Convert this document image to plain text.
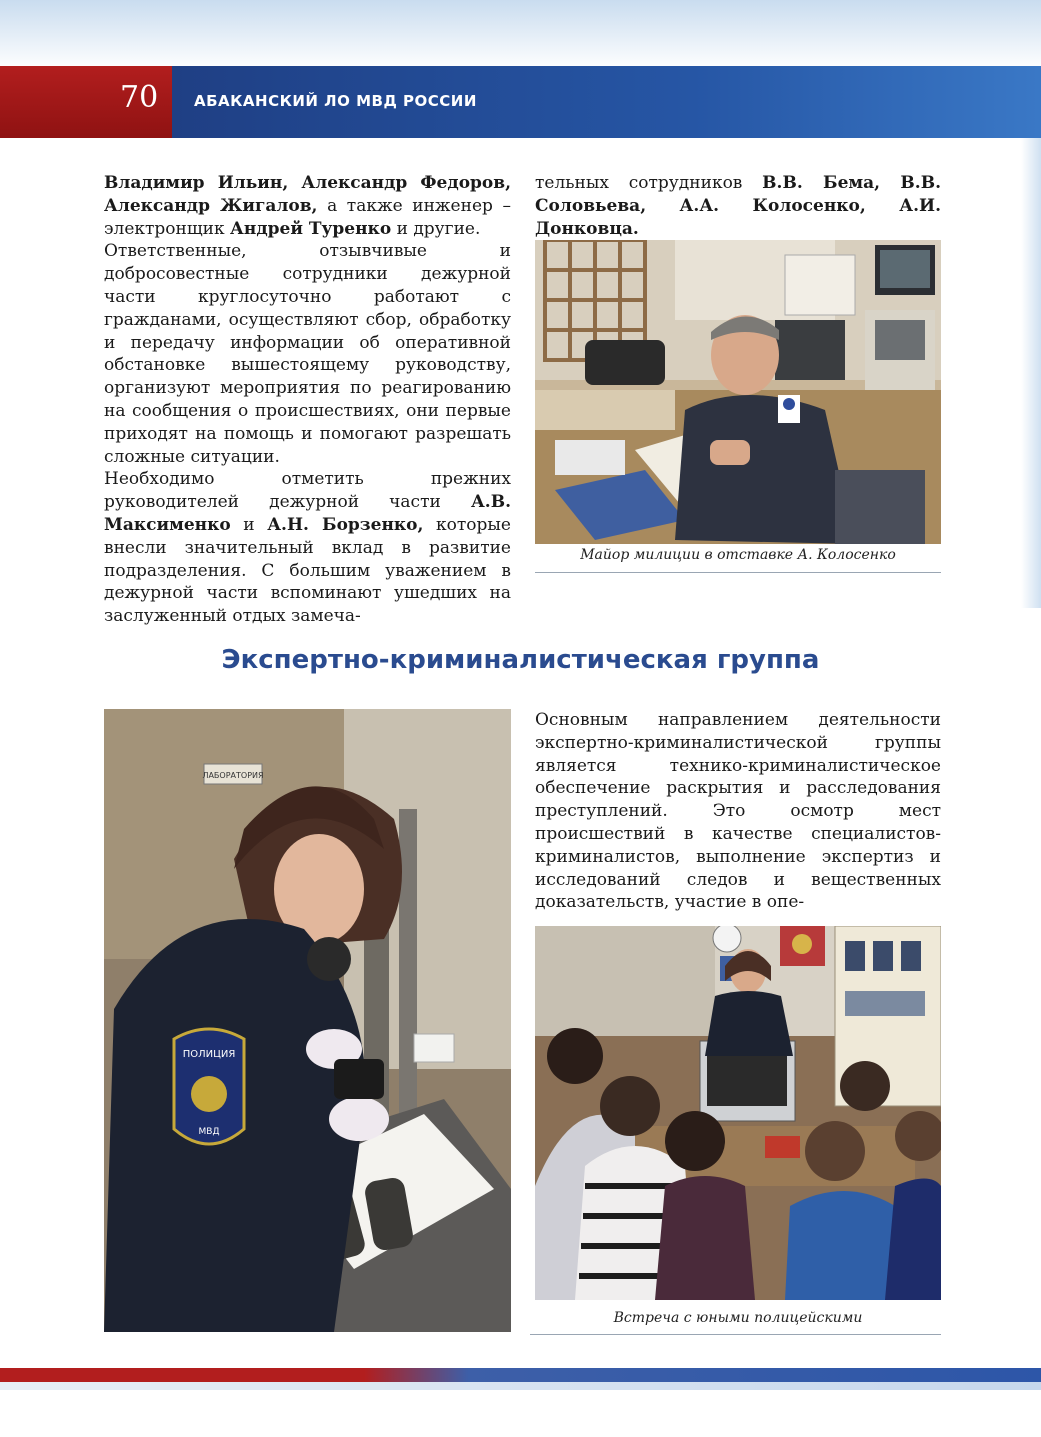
70 АБАКАНСКИЙ ЛО МВД РОССИИ

Владимир Ильин, Александр Федоров, Александр Жигалов, а также инженер – электронщик Андрей Туренко и другие.

Ответственные, отзывчивые и добросовестные сотрудники дежурной части круглосуточно работают с гражданами, осуществляют сбор, обработку и передачу информации об оперативной обстановке вышестоящему руководству, организуют мероприятия по реагированию на сообщения о происшествиях, они первые приходят на помощь и помогают разрешать сложные ситуации.

Необходимо отметить прежних руководителей дежурной части А.В. Максименко и А.Н. Борзенко, которые внесли значительный вклад в развитие подразделения. С большим уважением в дежурной части вспоминают ушедших на заслуженный отдых замеча-

тельных сотрудников В.В. Бема, В.В. Соловьева, А.А. Колосенко, А.И. Донковца.

Майор милиции в отставке А. Колосенко
Экспертно-криминалистическая группа
ЛАБОРАТОРИЯ
ПОЛИЦИЯ
МВД

Основным направлением деятельности экспертно-криминалистической группы является технико-криминалистическое обеспечение раскрытия и расследования преступлений. Это осмотр мест происшествий в качестве специалистов-криминалистов, выполнение экспертиз и исследований следов и вещественных доказательств, участие в опе-

Встреча с юными полицейскими
